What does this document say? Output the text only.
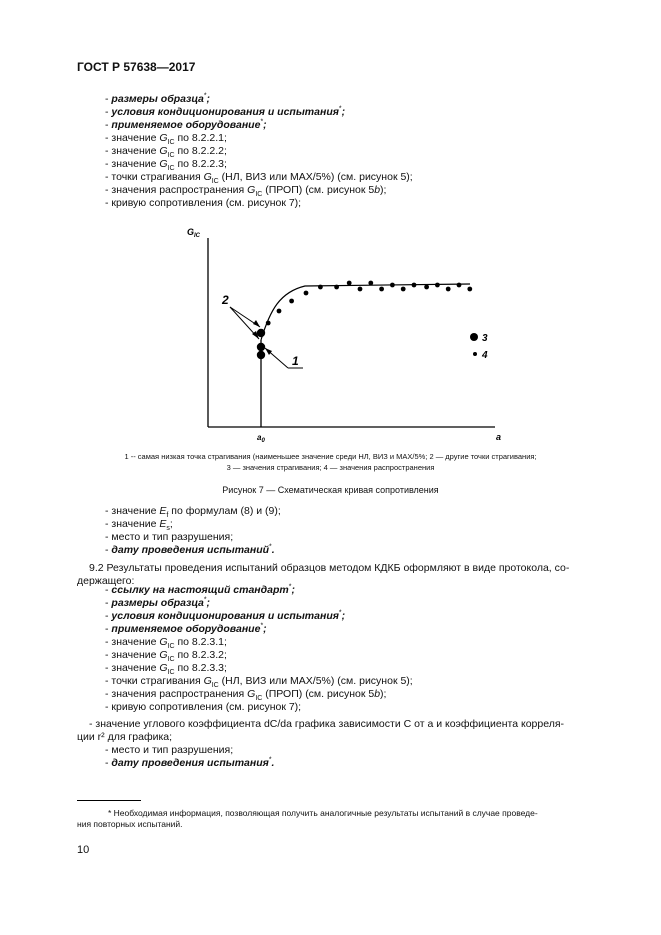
ГОСТ Р 57638—2017
- размеры образца*;
- условия кондиционирования и испытания*;
- применяемое оборудование*;
- значение $G_{IC}$ по 8.2.2.1;
- значение $G_{IC}$ по 8.2.2.2;
- значение $G_{IC}$ по 8.2.2.3;
- точки страгивания $G_{IC}$ (НЛ, ВИЗ или МАХ/5%) (см. рисунок 5);
- значения распространения $G_{IC}$ (ПРОП) (см. рисунок 5b);
- кривую сопротивления (см. рисунок 7);
$G_{IC}$
a
$a_0$
2
1
3
4
1 -- самая низкая точка страгивания (наименьшее значение среди НЛ, ВИЗ и МАХ/5%; 2 — другие точки страгивания;
3 — значения страгивания; 4 — значения распространения
Рисунок 7 — Схематическая кривая сопротивления
- значение $E_f$ по формулам (8) и (9);
- значение $E_s$;
- место и тип разрушения;
- дату проведения испытаний*.
9.2 Результаты проведения испытаний образцов методом КДКБ оформляют в виде протокола, со-
держащего:
- ссылку на настоящий стандарт*;
- размеры образца*;
- условия кондиционирования и испытания*;
- применяемое оборудование*;
- значение $G_{IC}$ по 8.2.3.1;
- значение $G_{IC}$ по 8.2.3.2;
- значение $G_{IC}$ по 8.2.3.3;
- точки страгивания $G_{IC}$ (НЛ, ВИЗ или МАХ/5%) (см. рисунок 5);
- значения распространения $G_{IC}$ (ПРОП) (см. рисунок 5b);
- кривую сопротивления (см. рисунок 7);
- значение углового коэффициента dC/da графика зависимости C от a и коэффициента корреля-
ции r² для графика;
- место и тип разрушения;
- дату проведения испытания*.
* Необходимая информация, позволяющая получить аналогичные результаты испытаний в случае проведе-
ния повторных испытаний.
10
